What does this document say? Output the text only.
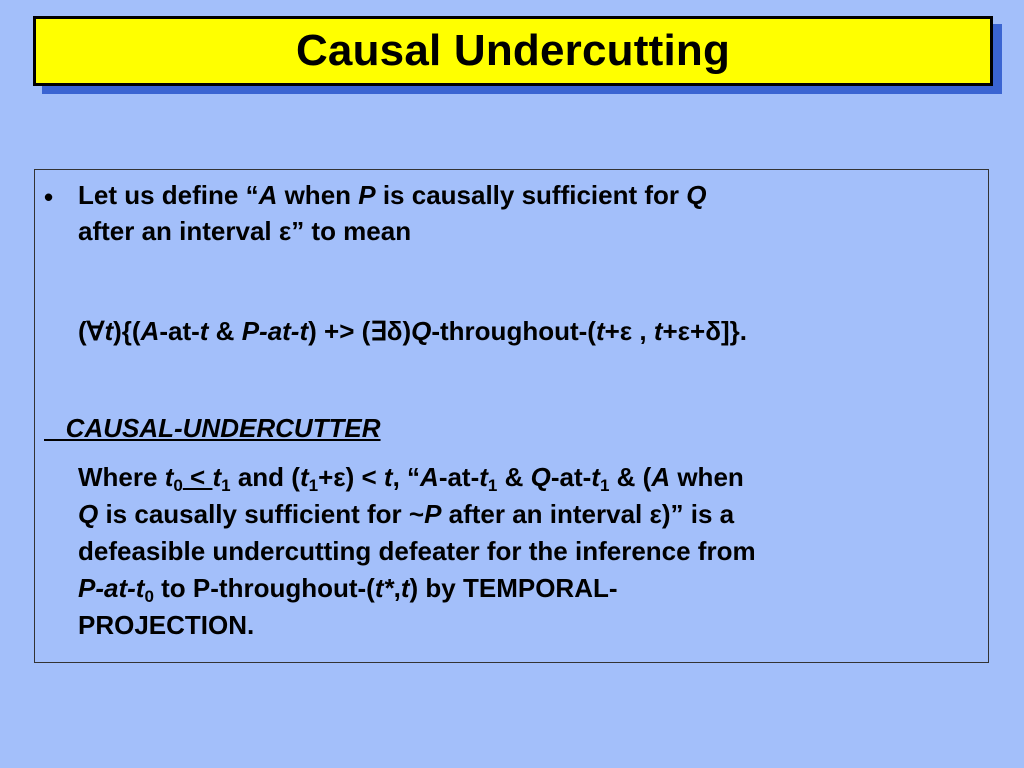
Causal Undercutting
• Let us define “A when P is causally sufficient for Q
after an interval ε” to mean
(∀t){(A-at-t & P-at-t) +> (∃δ)Q-throughout-(t+ε , t+ε+δ]}.
CAUSAL-UNDERCUTTER
Where $t_0 < t_1$ and $(t_1+\varepsilon) < t$, “$A-at-t_1$ & $Q-at-t_1$ & (A when
Q is causally sufficient for ~P after an interval ε)” is a
defeasible undercutting defeater for the inference from
$P-at-t_0$ to P-throughout-(t*,t) by TEMPORAL-
PROJECTION.
